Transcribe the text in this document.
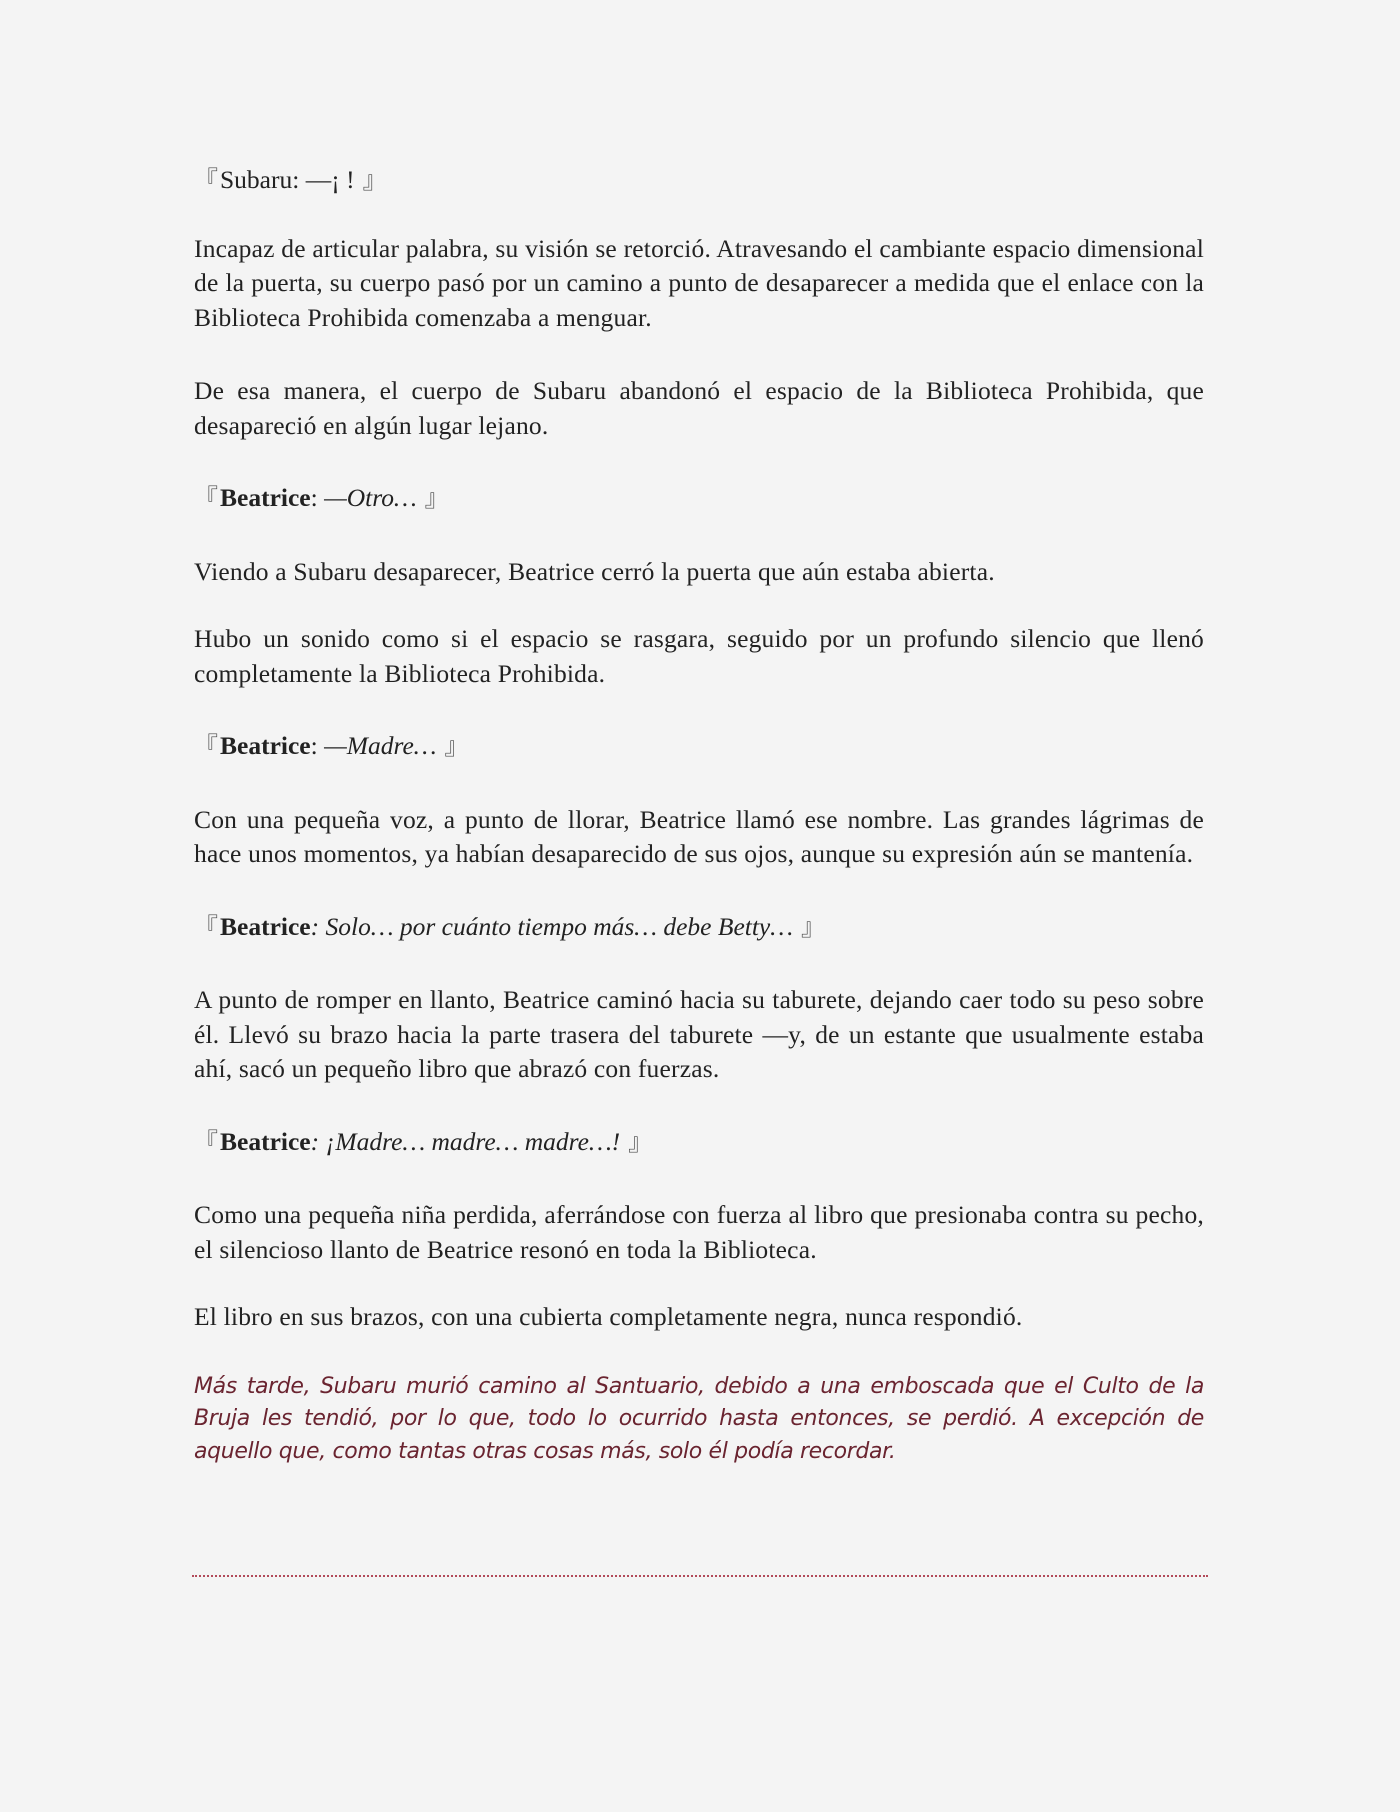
『 Subaru : —¡ ! 』

Incapaz de articular palabra, su visión se retorció. Atravesando el cambiante espacio dimensional de la puerta, su cuerpo pasó por un camino a punto de desaparecer a medida que el enlace con la Biblioteca Prohibida comenzaba a menguar.

De esa manera, el cuerpo de Subaru abandonó el espacio de la Biblioteca Prohibida, que desapareció en algún lugar lejano.

『 Beatrice : —Otro… 』

Viendo a Subaru desaparecer, Beatrice cerró la puerta que aún estaba abierta.

Hubo un sonido como si el espacio se rasgara, seguido por un profundo silencio que llenó completamente la Biblioteca Prohibida.

『 Beatrice : —Madre… 』

Con una pequeña voz, a punto de llorar, Beatrice llamó ese nombre. Las grandes lágrimas de hace unos momentos, ya habían desaparecido de sus ojos, aunque su expresión aún se mantenía.

『 Beatrice : Solo… por cuánto tiempo más… debe Betty… 』

A punto de romper en llanto, Beatrice caminó hacia su taburete, dejando caer todo su peso sobre él. Llevó su brazo hacia la parte trasera del taburete —y, de un estante que usualmente estaba ahí, sacó un pequeño libro que abrazó con fuerzas.

『 Beatrice : ¡Madre… madre… madre…! 』

Como una pequeña niña perdida, aferrándose con fuerza al libro que presionaba contra su pecho, el silencioso llanto de Beatrice resonó en toda la Biblioteca.

El libro en sus brazos, con una cubierta completamente negra, nunca respondió.

Más tarde, Subaru murió camino al Santuario, debido a una emboscada que el Culto de la Bruja les tendió, por lo que, todo lo ocurrido hasta entonces, se perdió. A excepción de aquello que, como tantas otras cosas más, solo él podía recordar.
